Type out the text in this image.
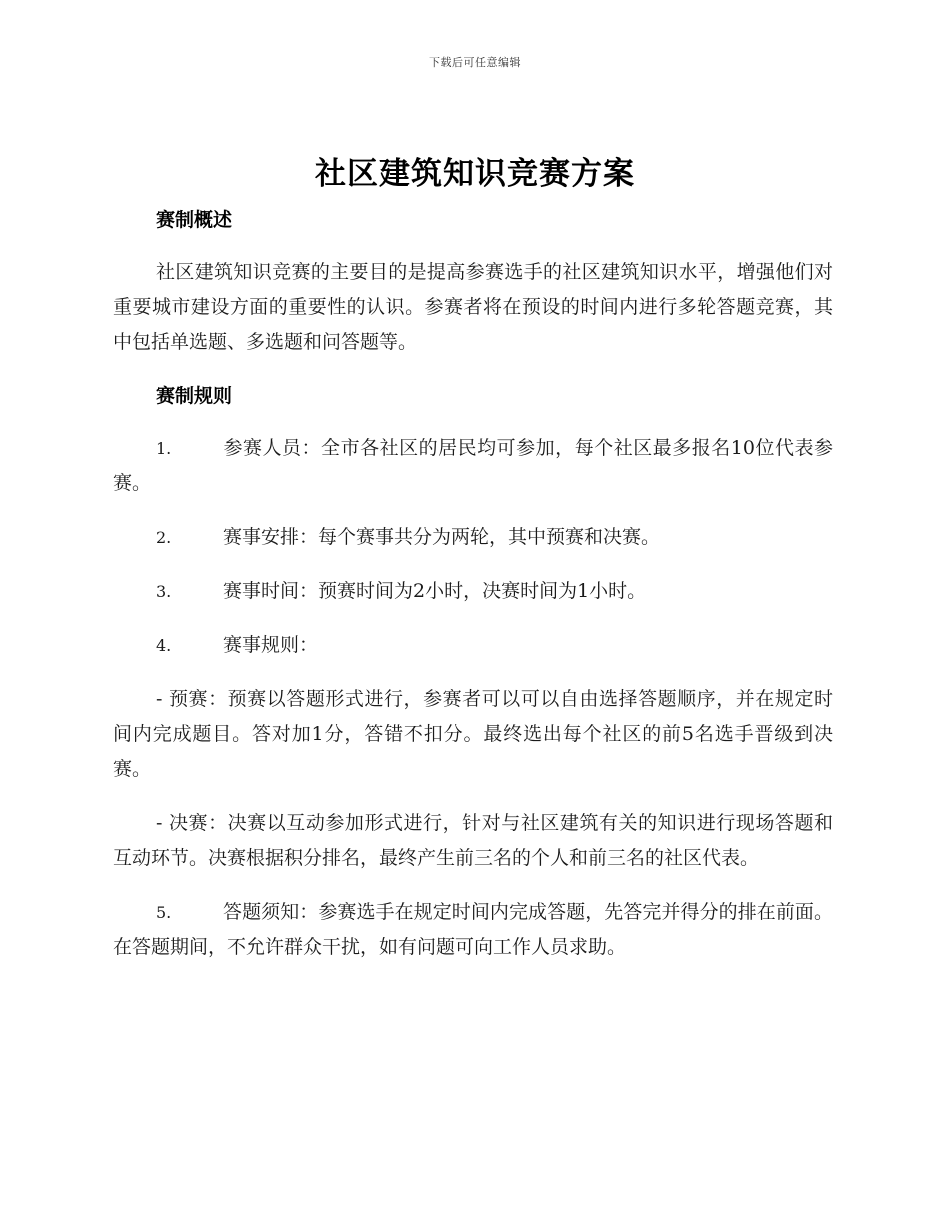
下载后可任意编辑
社区建筑知识竞赛方案
赛制概述

社区建筑知识竞赛的主要目的是提高参赛选手的社区建筑知识水平，增强他们对重要城市建设方面的重要性的认识。参赛者将在预设的时间内进行多轮答题竞赛，其中包括单选题、多选题和问答题等。

赛制规则

1.	参赛人员：全市各社区的居民均可参加，每个社区最多报名10位代表参赛。

2.	赛事安排：每个赛事共分为两轮，其中预赛和决赛。

3.	赛事时间：预赛时间为2小时，决赛时间为1小时。

4.	赛事规则：

- 预赛：预赛以答题形式进行，参赛者可以可以自由选择答题顺序，并在规定时间内完成题目。答对加1分，答错不扣分。最终选出每个社区的前5名选手晋级到决赛。

- 决赛：决赛以互动参加形式进行，针对与社区建筑有关的知识进行现场答题和互动环节。决赛根据积分排名，最终产生前三名的个人和前三名的社区代表。

5.	答题须知：参赛选手在规定时间内完成答题，先答完并得分的排在前面。在答题期间，不允许群众干扰，如有问题可向工作人员求助。
